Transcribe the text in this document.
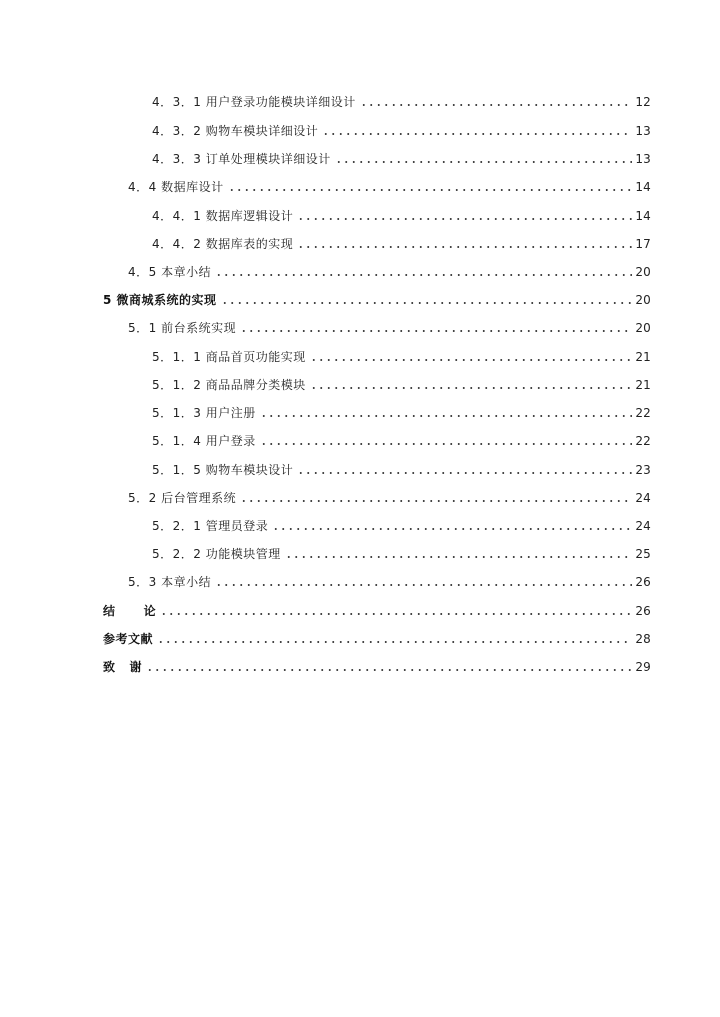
4．3．1 用户登录功能模块详细设计	12
4．3．2 购物车模块详细设计	13
4．3．3 订单处理模块详细设计	13
4．4 数据库设计	14
4．4．1 数据库逻辑设计	14
4．4．2 数据库表的实现	17
4．5 本章小结	20
5 微商城系统的实现	20
5．1 前台系统实现	20
5．1．1 商品首页功能实现	21
5．1．2 商品品牌分类模块	21
5．1．3 用户注册	22
5．1．4 用户登录	22
5．1．5 购物车模块设计	23
5．2 后台管理系统	24
5．2．1 管理员登录	24
5．2．2 功能模块管理	25
5．3 本章小结	26
结      论	26
参考文献	28
致   谢	29
